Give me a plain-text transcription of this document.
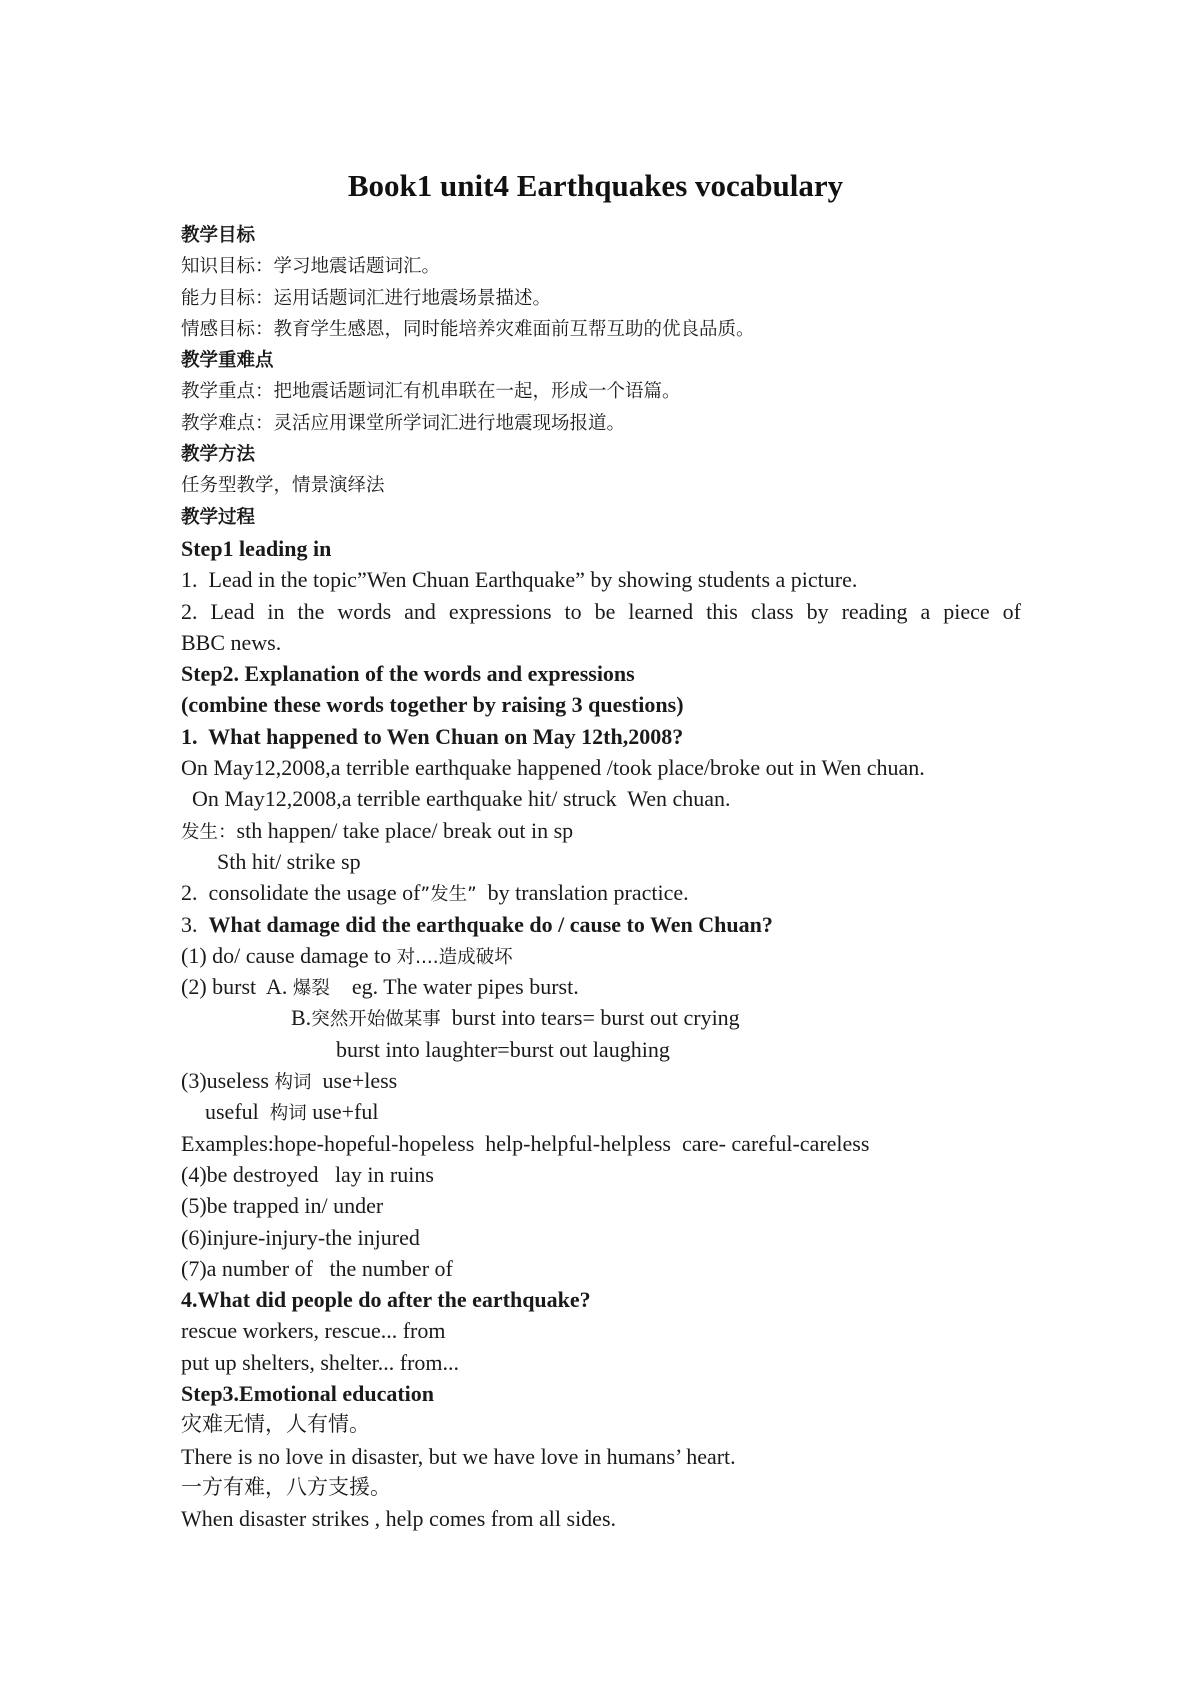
Book1 unit4 Earthquakes vocabulary
教学目标
知识目标：学习地震话题词汇。
能力目标：运用话题词汇进行地震场景描述。
情感目标：教育学生感恩，同时能培养灾难面前互帮互助的优良品质。
教学重难点
教学重点：把地震话题词汇有机串联在一起，形成一个语篇。
教学难点：灵活应用课堂所学词汇进行地震现场报道。
教学方法
任务型教学，情景演绎法
教学过程
Step1 leading in
1.  Lead in the topic”Wen Chuan Earthquake” by showing students a picture.
2. Lead in the words and expressions to be learned this class by reading a piece of
BBC news.
Step2. Explanation of the words and expressions
(combine these words together by raising 3 questions)
1.  What happened to Wen Chuan on May 12th,2008?
On May12,2008,a terrible earthquake happened /took place/broke out in Wen chuan.
On May12,2008,a terrible earthquake hit/ struck  Wen chuan.
发生：sth happen/ take place/ break out in sp
Sth hit/ strike sp
2.  consolidate the usage of”发生”  by translation practice.
3.  What damage did the earthquake do / cause to Wen Chuan?
(1) do/ cause damage to 对....造成破坏
(2) burst  A. 爆裂    eg. The water pipes burst.
B.突然开始做某事  burst into tears= burst out crying
burst into laughter=burst out laughing
(3)useless 构词  use+less
useful  构词 use+ful
Examples:hope-hopeful-hopeless  help-helpful-helpless  care- careful-careless
(4)be destroyed   lay in ruins
(5)be trapped in/ under
(6)injure-injury-the injured
(7)a number of   the number of
4.What did people do after the earthquake?
rescue workers, rescue... from
put up shelters, shelter... from...
Step3.Emotional education
灾难无情，人有情。
There is no love in disaster, but we have love in humans’ heart.
一方有难，八方支援。
When disaster strikes , help comes from all sides.
